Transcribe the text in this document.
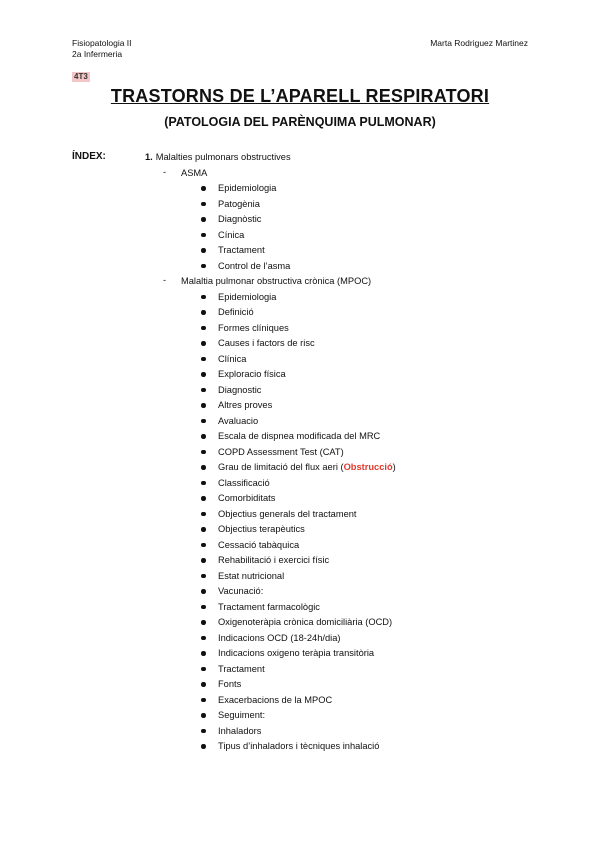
Fisiopatologia II
2a Infermeria
Marta Rodriguez Martinez
4T3
TRASTORNS DE L’APARELL RESPIRATORI
(PATOLOGIA DEL PARÈNQUIMA PULMONAR)
ÍNDEX:	1. Malalties pulmonars obstructives
- ASMA
Epidemiologia
Patogènia
Diagnòstic
Cínica
Tractament
Control de l’asma
- Malaltia pulmonar obstructiva crònica (MPOC)
Epidemiologia
Definició
Formes clíniques
Causes i factors de risc
Clínica
Exploracio física
Diagnostic
Altres proves
Avaluacio
Escala de dispnea modificada del MRC
COPD Assessment Test (CAT)
Grau de limitació del flux aeri (Obstrucció)
Classificació
Comorbiditats
Objectius generals del tractament
Objectius terapèutics
Cessació tabàquica
Rehabilitació i exercici físic
Estat nutricional
Vacunació:
Tractament farmacològic
Oxigenoteràpia crònica domiciliària (OCD)
Indicacions OCD (18-24h/dia)
Indicacions oxigeno teràpia transitòria
Tractament
Fonts
Exacerbacions de la MPOC
Seguiment:
Inhaladors
Tipus d’inhaladors i tècniques inhalació
